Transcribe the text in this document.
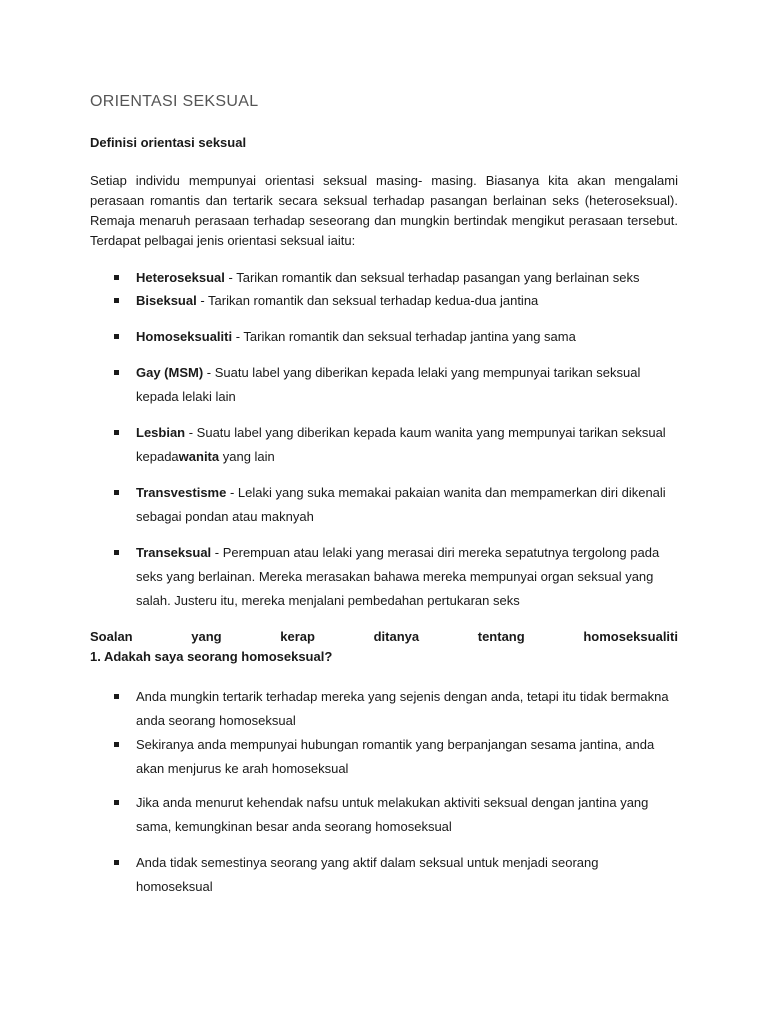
ORIENTASI SEKSUAL
Definisi orientasi seksual
Setiap individu mempunyai orientasi seksual masing- masing. Biasanya kita akan mengalami perasaan romantis dan tertarik secara seksual terhadap pasangan berlainan seks (heteroseksual). Remaja menaruh perasaan terhadap seseorang dan mungkin bertindak mengikut perasaan tersebut. Terdapat pelbagai jenis orientasi seksual iaitu:
Heteroseksual - Tarikan romantik dan seksual terhadap pasangan yang berlainan seks
Biseksual - Tarikan romantik dan seksual terhadap kedua-dua jantina
Homoseksualiti - Tarikan romantik dan seksual terhadap jantina yang sama
Gay (MSM) - Suatu label yang diberikan kepada lelaki yang mempunyai tarikan seksual kepada lelaki lain
Lesbian - Suatu label yang diberikan kepada kaum wanita yang mempunyai tarikan seksual kepadawanita yang lain
Transvestisme - Lelaki yang suka memakai pakaian wanita dan mempamerkan diri dikenali sebagai pondan atau maknyah
Transeksual - Perempuan atau lelaki yang merasai diri mereka sepatutnya tergolong pada seks yang berlainan. Mereka merasakan bahawa mereka mempunyai organ seksual yang salah. Justeru itu, mereka menjalani pembedahan pertukaran seks
Soalan	yang	kerap	ditanya	tentang	homoseksualiti
1. Adakah saya seorang homoseksual?
Anda mungkin tertarik terhadap mereka yang sejenis dengan anda, tetapi itu tidak bermakna anda seorang homoseksual
Sekiranya anda mempunyai hubungan romantik yang berpanjangan sesama jantina, anda akan menjurus ke arah homoseksual
Jika anda menurut kehendak nafsu untuk melakukan aktiviti seksual dengan jantina yang sama, kemungkinan besar anda seorang homoseksual
Anda tidak semestinya seorang yang aktif dalam seksual untuk menjadi seorang homoseksual
